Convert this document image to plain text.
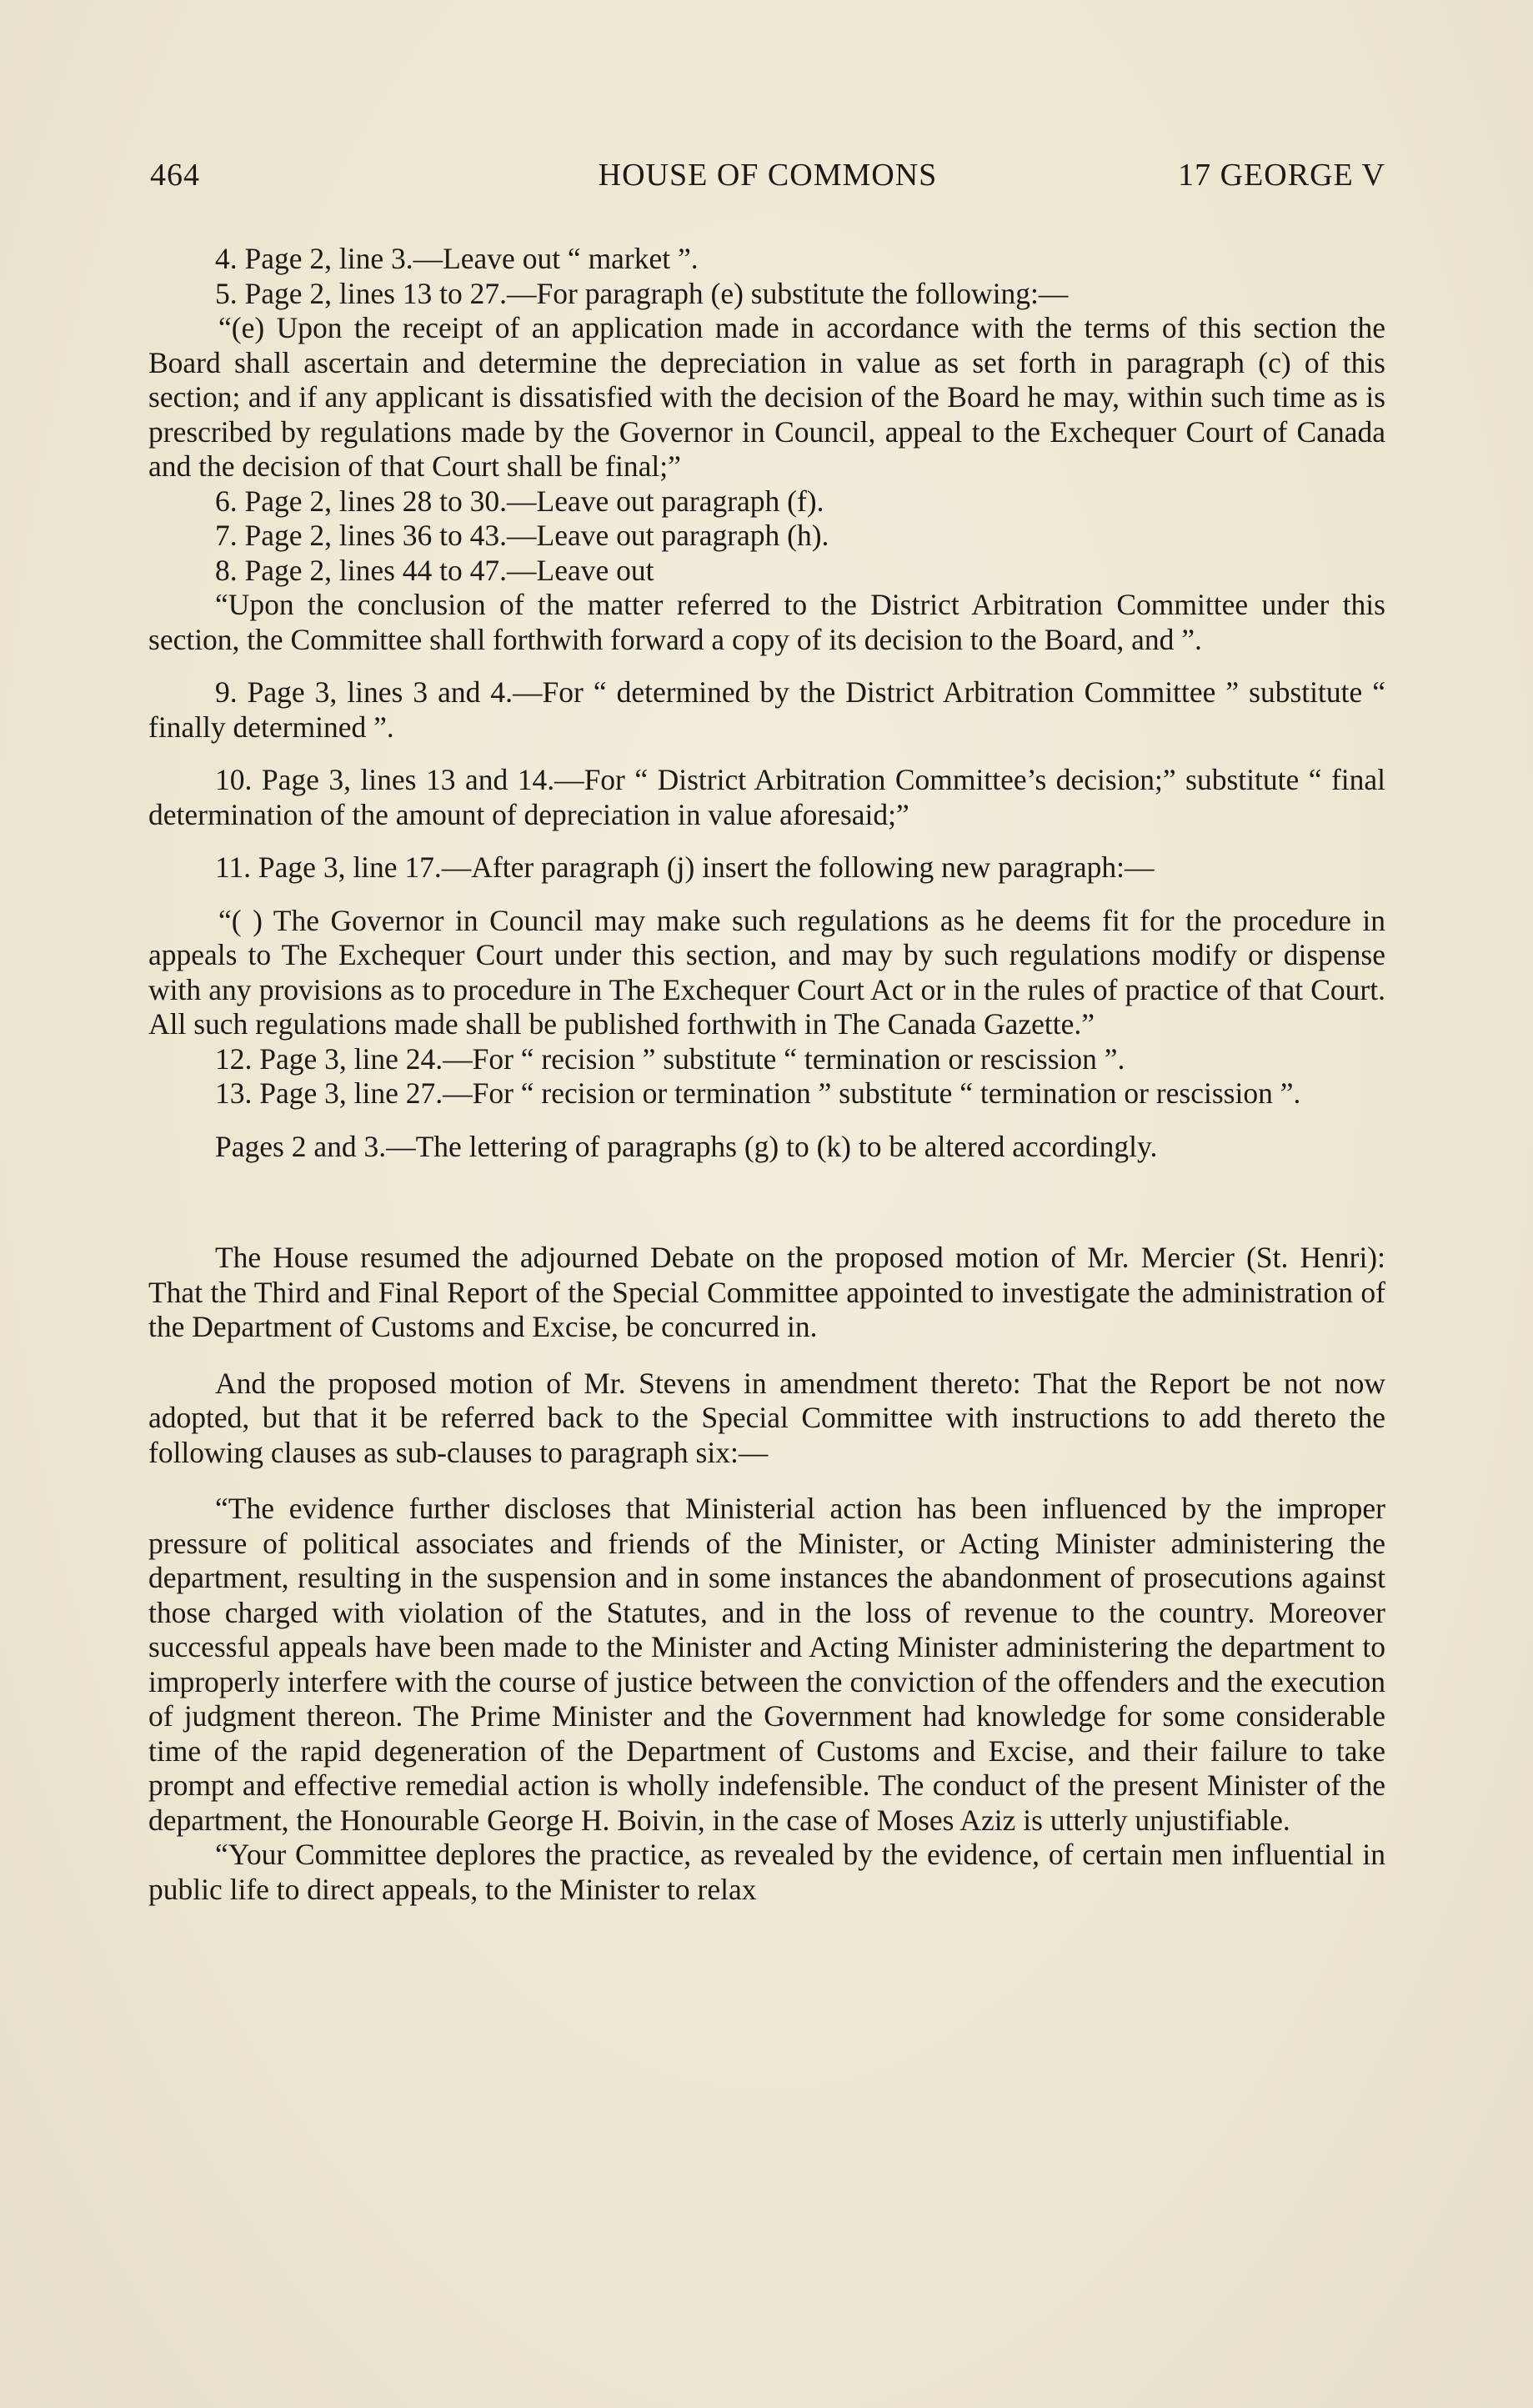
464	HOUSE OF COMMONS	17 GEORGE V

4. Page 2, line 3.—Leave out “ market ”.

5. Page 2, lines 13 to 27.—For paragraph (e) substitute the following:—

“(e) Upon the receipt of an application made in accordance with the terms of this section the Board shall ascertain and determine the depreciation in value as set forth in paragraph (c) of this section; and if any applicant is dissatisfied with the decision of the Board he may, within such time as is prescribed by regulations made by the Governor in Council, appeal to the Exchequer Court of Canada and the decision of that Court shall be final;”

6. Page 2, lines 28 to 30.—Leave out paragraph (f).

7. Page 2, lines 36 to 43.—Leave out paragraph (h).

8. Page 2, lines 44 to 47.—Leave out

“Upon the conclusion of the matter referred to the District Arbitration Committee under this section, the Committee shall forthwith forward a copy of its decision to the Board, and ”.

9. Page 3, lines 3 and 4.—For “ determined by the District Arbitration Committee ” substitute “ finally determined ”.

10. Page 3, lines 13 and 14.—For “ District Arbitration Committee’s decision;” substitute “ final determination of the amount of depreciation in value aforesaid;”

11. Page 3, line 17.—After paragraph (j) insert the following new paragraph:—

“( ) The Governor in Council may make such regulations as he deems fit for the procedure in appeals to The Exchequer Court under this section, and may by such regulations modify or dispense with any provisions as to procedure in The Exchequer Court Act or in the rules of practice of that Court. All such regulations made shall be published forthwith in The Canada Gazette.”

12. Page 3, line 24.—For “ recision ” substitute “ termination or rescission ”.

13. Page 3, line 27.—For “ recision or termination ” substitute “ termination or rescission ”.

Pages 2 and 3.—The lettering of paragraphs (g) to (k) to be altered accordingly.

The House resumed the adjourned Debate on the proposed motion of Mr. Mercier (St. Henri): That the Third and Final Report of the Special Committee appointed to investigate the administration of the Department of Customs and Excise, be concurred in.

And the proposed motion of Mr. Stevens in amendment thereto: That the Report be not now adopted, but that it be referred back to the Special Committee with instructions to add thereto the following clauses as sub-clauses to paragraph six:—

“The evidence further discloses that Ministerial action has been influenced by the improper pressure of political associates and friends of the Minister, or Acting Minister administering the department, resulting in the suspension and in some instances the abandonment of prosecutions against those charged with violation of the Statutes, and in the loss of revenue to the country. Moreover successful appeals have been made to the Minister and Acting Minister administering the department to improperly interfere with the course of justice between the conviction of the offenders and the execution of judgment thereon. The Prime Minister and the Government had knowledge for some considerable time of the rapid degeneration of the Department of Customs and Excise, and their failure to take prompt and effective remedial action is wholly indefensible. The conduct of the present Minister of the department, the Honourable George H. Boivin, in the case of Moses Aziz is utterly unjustifiable.

“Your Committee deplores the practice, as revealed by the evidence, of certain men influential in public life to direct appeals, to the Minister to relax
